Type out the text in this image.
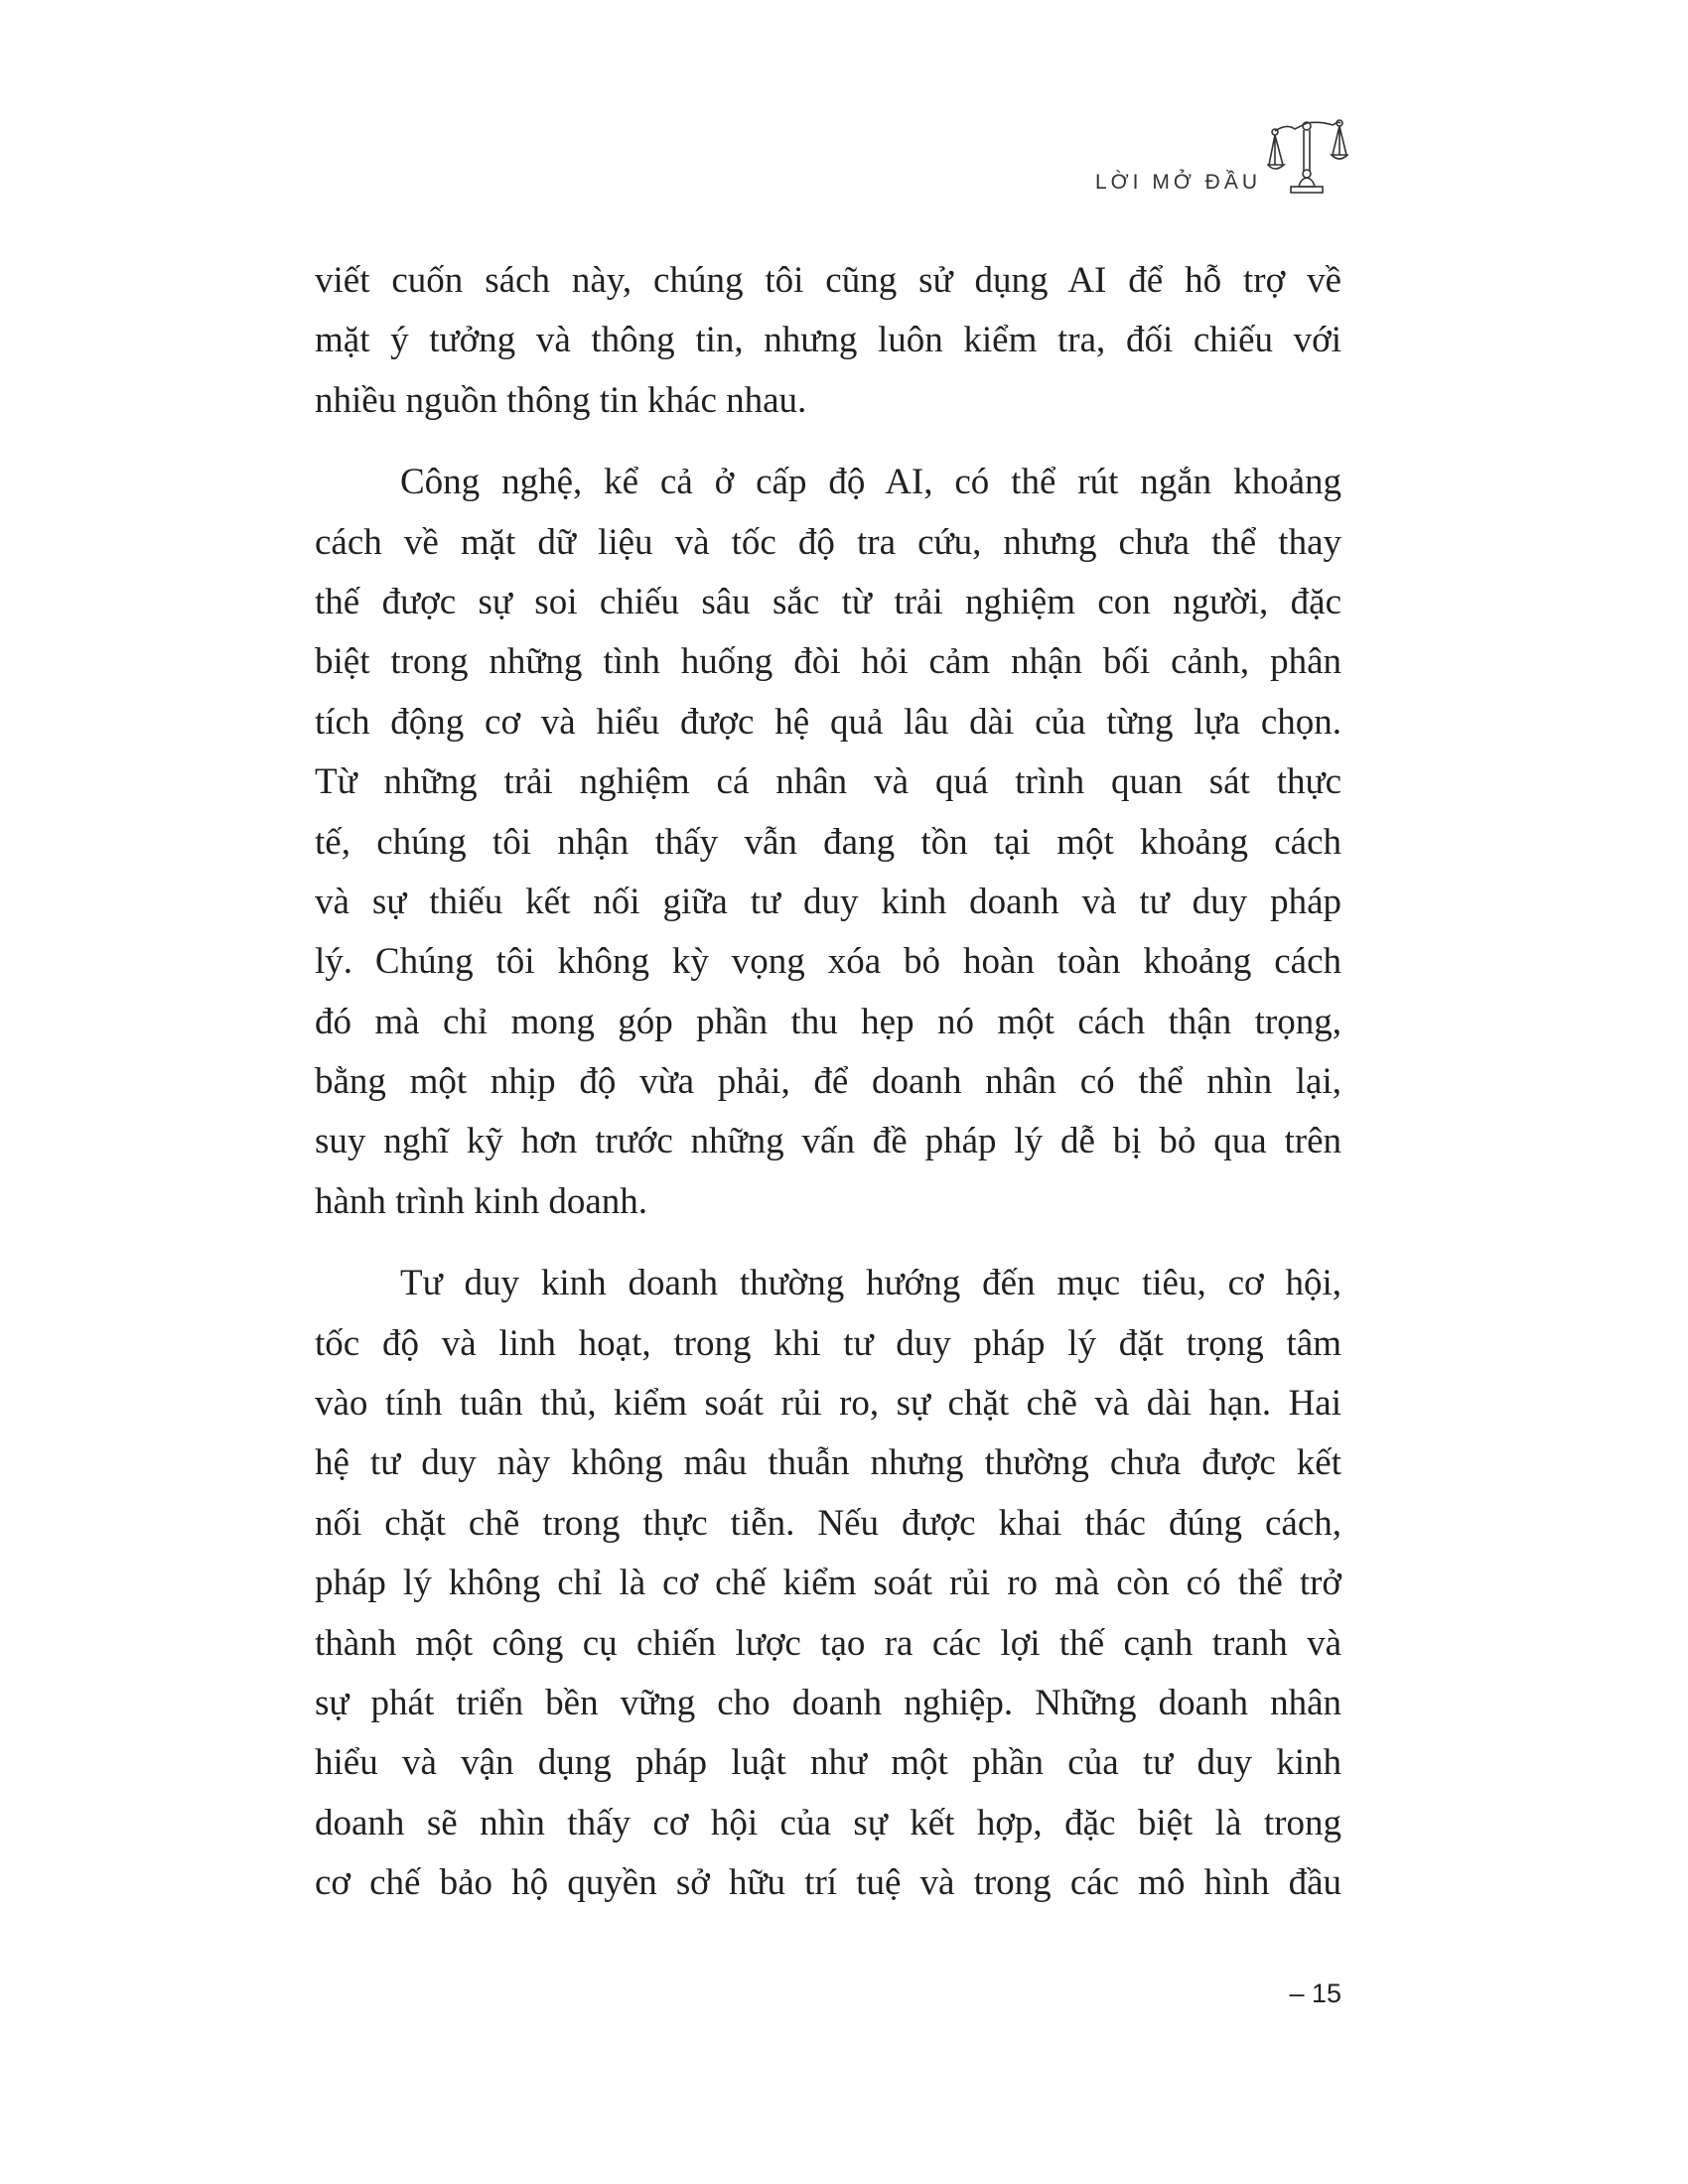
LỜI MỞ ĐẦU
viết cuốn sách này, chúng tôi cũng sử dụng AI để hỗ trợ về
mặt ý tưởng và thông tin, nhưng luôn kiểm tra, đối chiếu với
nhiều nguồn thông tin khác nhau.
Công nghệ, kể cả ở cấp độ AI, có thể rút ngắn khoảng
cách về mặt dữ liệu và tốc độ tra cứu, nhưng chưa thể thay
thế được sự soi chiếu sâu sắc từ trải nghiệm con người, đặc
biệt trong những tình huống đòi hỏi cảm nhận bối cảnh, phân
tích động cơ và hiểu được hệ quả lâu dài của từng lựa chọn.
Từ những trải nghiệm cá nhân và quá trình quan sát thực
tế, chúng tôi nhận thấy vẫn đang tồn tại một khoảng cách
và sự thiếu kết nối giữa tư duy kinh doanh và tư duy pháp
lý. Chúng tôi không kỳ vọng xóa bỏ hoàn toàn khoảng cách
đó mà chỉ mong góp phần thu hẹp nó một cách thận trọng,
bằng một nhịp độ vừa phải, để doanh nhân có thể nhìn lại,
suy nghĩ kỹ hơn trước những vấn đề pháp lý dễ bị bỏ qua trên
hành trình kinh doanh.
Tư duy kinh doanh thường hướng đến mục tiêu, cơ hội,
tốc độ và linh hoạt, trong khi tư duy pháp lý đặt trọng tâm
vào tính tuân thủ, kiểm soát rủi ro, sự chặt chẽ và dài hạn. Hai
hệ tư duy này không mâu thuẫn nhưng thường chưa được kết
nối chặt chẽ trong thực tiễn. Nếu được khai thác đúng cách,
pháp lý không chỉ là cơ chế kiểm soát rủi ro mà còn có thể trở
thành một công cụ chiến lược tạo ra các lợi thế cạnh tranh và
sự phát triển bền vững cho doanh nghiệp. Những doanh nhân
hiểu và vận dụng pháp luật như một phần của tư duy kinh
doanh sẽ nhìn thấy cơ hội của sự kết hợp, đặc biệt là trong
cơ chế bảo hộ quyền sở hữu trí tuệ và trong các mô hình đầu
– 15
